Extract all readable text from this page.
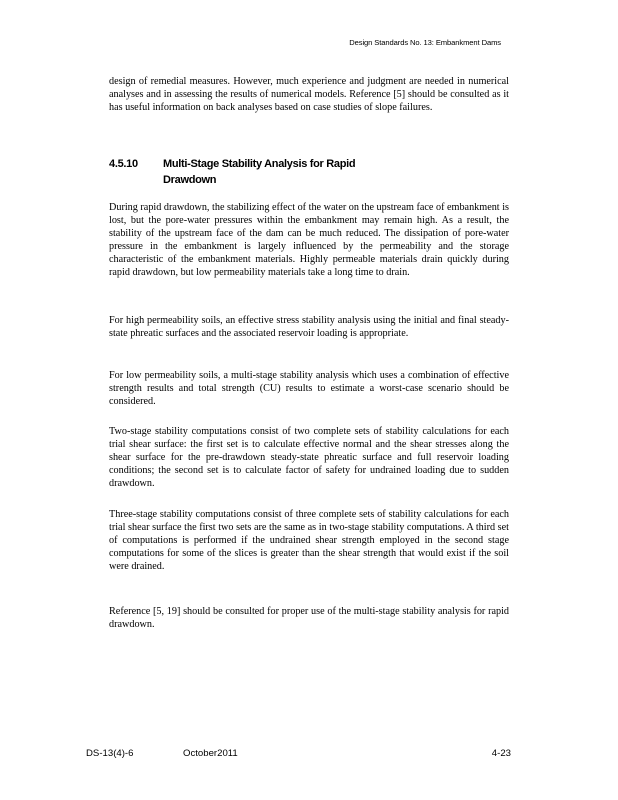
Design Standards No. 13: Embankment Dams

design of remedial measures. However, much experience and judgment are needed in numerical analyses and in assessing the results of numerical models. Reference [5] should be consulted as it has useful information on back analyses based on case studies of slope failures.

4.5.10 Multi-Stage Stability Analysis for Rapid Drawdown

During rapid drawdown, the stabilizing effect of the water on the upstream face of embankment is lost, but the pore-water pressures within the embankment may remain high. As a result, the stability of the upstream face of the dam can be much reduced. The dissipation of pore-water pressure in the embankment is largely influenced by the permeability and the storage characteristic of the embankment materials. Highly permeable materials drain quickly during rapid drawdown, but low permeability materials take a long time to drain.

For high permeability soils, an effective stress stability analysis using the initial and final steady-state phreatic surfaces and the associated reservoir loading is appropriate.

For low permeability soils, a multi-stage stability analysis which uses a combination of effective strength results and total strength (CU) results to estimate a worst-case scenario should be considered.

Two-stage stability computations consist of two complete sets of stability calculations for each trial shear surface: the first set is to calculate effective normal and the shear stresses along the shear surface for the pre-drawdown steady-state phreatic surface and full reservoir loading conditions; the second set is to calculate factor of safety for undrained loading due to sudden drawdown.

Three-stage stability computations consist of three complete sets of stability calculations for each trial shear surface the first two sets are the same as in two-stage stability computations. A third set of computations is performed if the undrained shear strength employed in the second stage computations for some of the slices is greater than the shear strength that would exist if the soil were drained.

Reference [5, 19] should be consulted for proper use of the multi-stage stability analysis for rapid drawdown.

DS-13(4)-6	October2011	4-23
